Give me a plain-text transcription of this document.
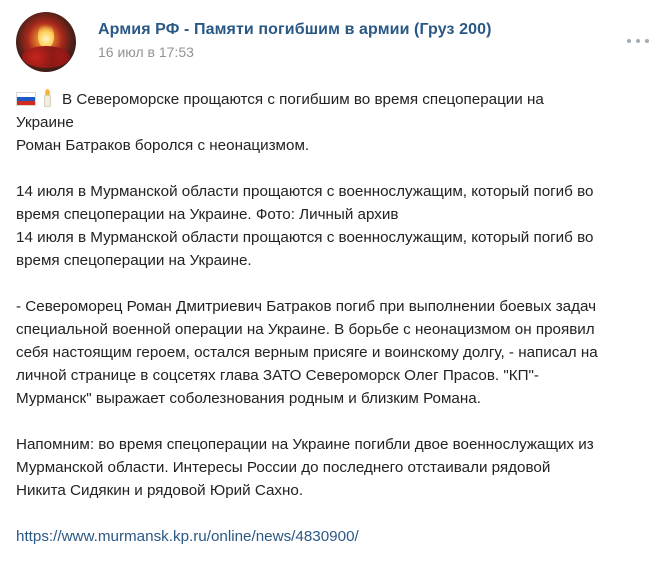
Армия РФ - Памяти погибшим в армии (Груз 200)
16 июл в 17:53

В Североморске прощаются с погибшим во время спецоперации на

Украине

Роман Батраков боролся с неонацизмом.

14 июля в Мурманской области прощаются с военнослужащим, который погиб во

время спецоперации на Украине. Фото: Личный архив

14 июля в Мурманской области прощаются с военнослужащим, который погиб во

время спецоперации на Украине.

- Североморец Роман Дмитриевич Батраков погиб при выполнении боевых задач

специальной военной операции на Украине. В борьбе с неонацизмом он проявил

себя настоящим героем, остался верным присяге и воинскому долгу, - написал на

личной странице в соцсетях глава ЗАТО Североморск Олег Прасов. "КП"-

Мурманск" выражает соболезнования родным и близким Романа.

Напомним: во время спецоперации на Украине погибли двое военнослужащих из

Мурманской области. Интересы России до последнего отстаивали рядовой

Никита Сидякин и рядовой Юрий Сахно.

https://www.murmansk.kp.ru/online/news/4830900/
